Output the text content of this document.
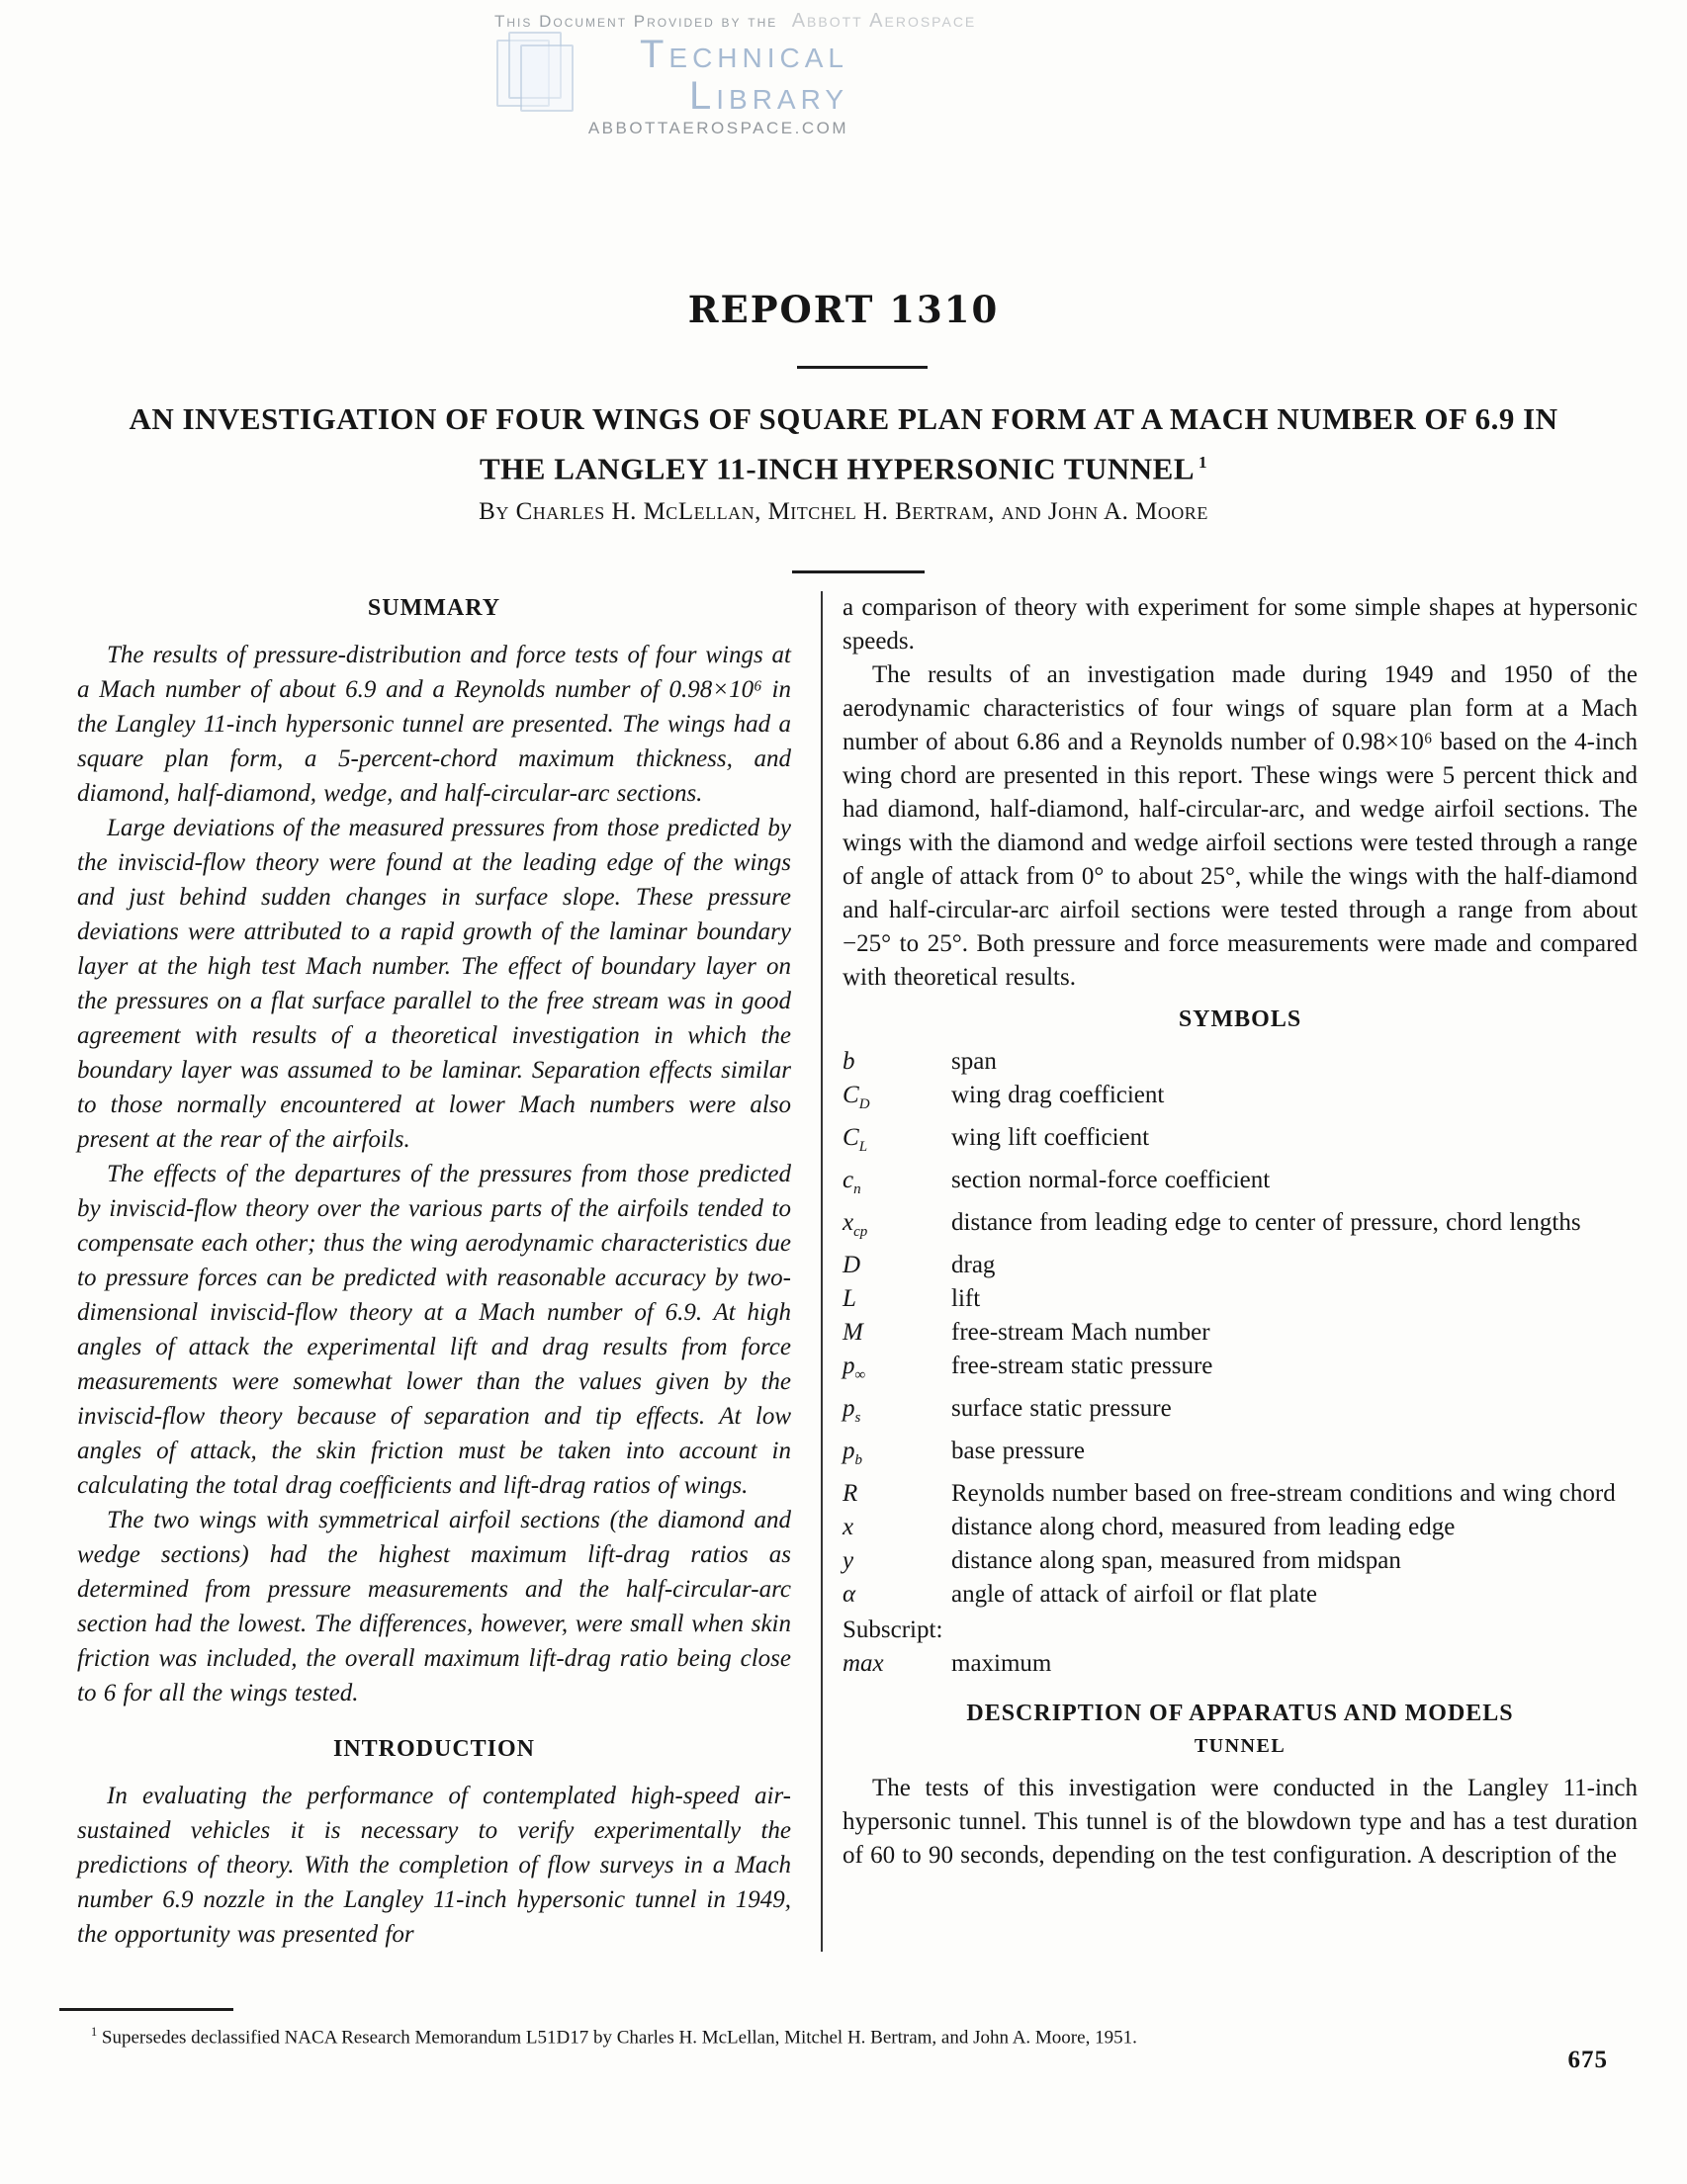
This Document Provided by the Abbott Aerospace
Technical Library
ABBOTTAEROSPACE.COM
REPORT 1310
AN INVESTIGATION OF FOUR WINGS OF SQUARE PLAN FORM AT A MACH NUMBER OF 6.9 IN
THE LANGLEY 11-INCH HYPERSONIC TUNNEL $^1$
By Charles H. McLellan, Mitchel H. Bertram, and John A. Moore
SUMMARY

The results of pressure-distribution and force tests of four wings at a Mach number of about 6.9 and a Reynolds number of 0.98×10⁶ in the Langley 11-inch hypersonic tunnel are presented. The wings had a square plan form, a 5-percent-chord maximum thickness, and diamond, half-diamond, wedge, and half-circular-arc sections.

Large deviations of the measured pressures from those predicted by the inviscid-flow theory were found at the leading edge of the wings and just behind sudden changes in surface slope. These pressure deviations were attributed to a rapid growth of the laminar boundary layer at the high test Mach number. The effect of boundary layer on the pressures on a flat surface parallel to the free stream was in good agreement with results of a theoretical investigation in which the boundary layer was assumed to be laminar. Separation effects similar to those normally encountered at lower Mach numbers were also present at the rear of the airfoils.

The effects of the departures of the pressures from those predicted by inviscid-flow theory over the various parts of the airfoils tended to compensate each other; thus the wing aerodynamic characteristics due to pressure forces can be predicted with reasonable accuracy by two-dimensional inviscid-flow theory at a Mach number of 6.9. At high angles of attack the experimental lift and drag results from force measurements were somewhat lower than the values given by the inviscid-flow theory because of separation and tip effects. At low angles of attack, the skin friction must be taken into account in calculating the total drag coefficients and lift-drag ratios of wings.

The two wings with symmetrical airfoil sections (the diamond and wedge sections) had the highest maximum lift-drag ratios as determined from pressure measurements and the half-circular-arc section had the lowest. The differences, however, were small when skin friction was included, the overall maximum lift-drag ratio being close to 6 for all the wings tested.

INTRODUCTION

In evaluating the performance of contemplated high-speed air-sustained vehicles it is necessary to verify experimentally the predictions of theory. With the completion of flow surveys in a Mach number 6.9 nozzle in the Langley 11-inch hypersonic tunnel in 1949, the opportunity was presented for

a comparison of theory with experiment for some simple shapes at hypersonic speeds.

The results of an investigation made during 1949 and 1950 of the aerodynamic characteristics of four wings of square plan form at a Mach number of about 6.86 and a Reynolds number of 0.98×10⁶ based on the 4-inch wing chord are presented in this report. These wings were 5 percent thick and had diamond, half-diamond, half-circular-arc, and wedge airfoil sections. The wings with the diamond and wedge airfoil sections were tested through a range of angle of attack from 0° to about 25°, while the wings with the half-diamond and half-circular-arc airfoil sections were tested through a range from about −25° to 25°. Both pressure and force measurements were made and compared with theoretical results.

SYMBOLS
b	span
$C_D$	wing drag coefficient
$C_L$	wing lift coefficient
$c_n$	section normal-force coefficient
$x_{cp}$	distance from leading edge to center of pressure, chord lengths
D	drag
L	lift
M	free-stream Mach number
$p_\infty$	free-stream static pressure
$p_s$	surface static pressure
$p_b$	base pressure
R	Reynolds number based on free-stream conditions and wing chord
x	distance along chord, measured from leading edge
y	distance along span, measured from midspan
α	angle of attack of airfoil or flat plate
Subscript:
max	maximum
DESCRIPTION OF APPARATUS AND MODELS
TUNNEL

The tests of this investigation were conducted in the Langley 11-inch hypersonic tunnel. This tunnel is of the blowdown type and has a test duration of 60 to 90 seconds, depending on the test configuration. A description of the

$^1$ Supersedes declassified NACA Research Memorandum L51D17 by Charles H. McLellan, Mitchel H. Bertram, and John A. Moore, 1951.
675
